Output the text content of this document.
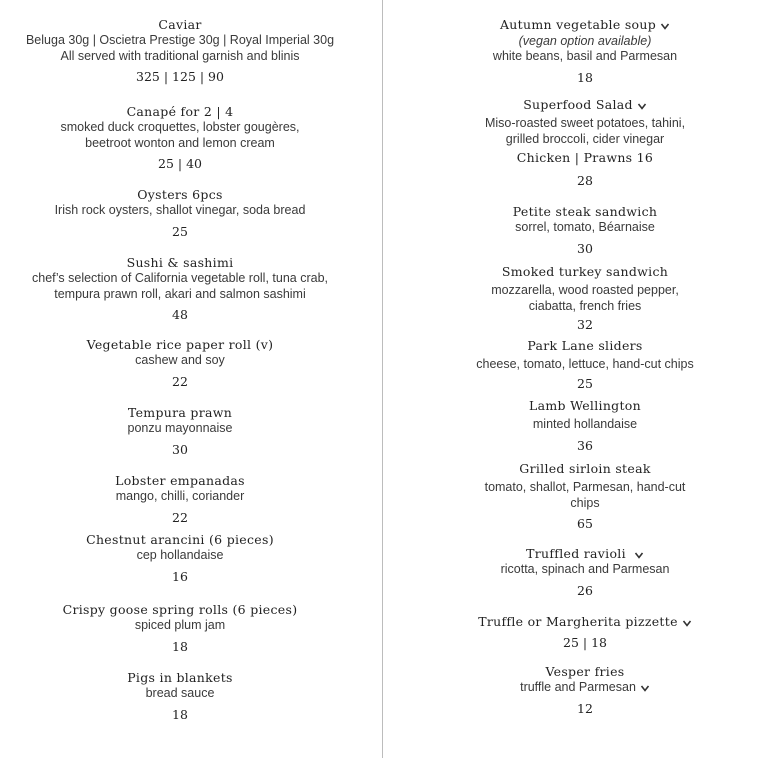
Caviar
Beluga 30g | Oscietra Prestige 30g | Royal Imperial 30g
All served with traditional garnish and blinis
325 | 125 | 90
Canapé for 2 | 4
smoked duck croquettes, lobster gougères,
beetroot wonton and lemon cream
25 | 40
Oysters 6pcs
Irish rock oysters, shallot vinegar, soda bread
25
Sushi & sashimi
chef’s selection of California vegetable roll, tuna crab,
tempura prawn roll, akari and salmon sashimi
48
Vegetable rice paper roll (v)
cashew and soy
22
Tempura prawn
ponzu mayonnaise
30
Lobster empanadas
mango, chilli, coriander
22
Chestnut arancini (6 pieces)
cep hollandaise
16
Crispy goose spring rolls (6 pieces)
spiced plum jam
18
Pigs in blankets
bread sauce
18
Autumn vegetable soup
(vegan option available)
white beans, basil and Parmesan
18
Superfood Salad
Miso-roasted sweet potatoes, tahini,
grilled broccoli, cider vinegar
Chicken | Prawns 16
28
Petite steak sandwich
sorrel, tomato, Béarnaise
30
Smoked turkey sandwich
mozzarella, wood roasted pepper,
ciabatta, french fries
32
Park Lane sliders
cheese, tomato, lettuce, hand-cut chips
25
Lamb Wellington
minted hollandaise
36
Grilled sirloin steak
tomato, shallot, Parmesan, hand-cut
chips
65
Truffled ravioli
ricotta, spinach and Parmesan
26
Truffle or Margherita pizzette
25 | 18
Vesper fries
truffle and Parmesan
12
